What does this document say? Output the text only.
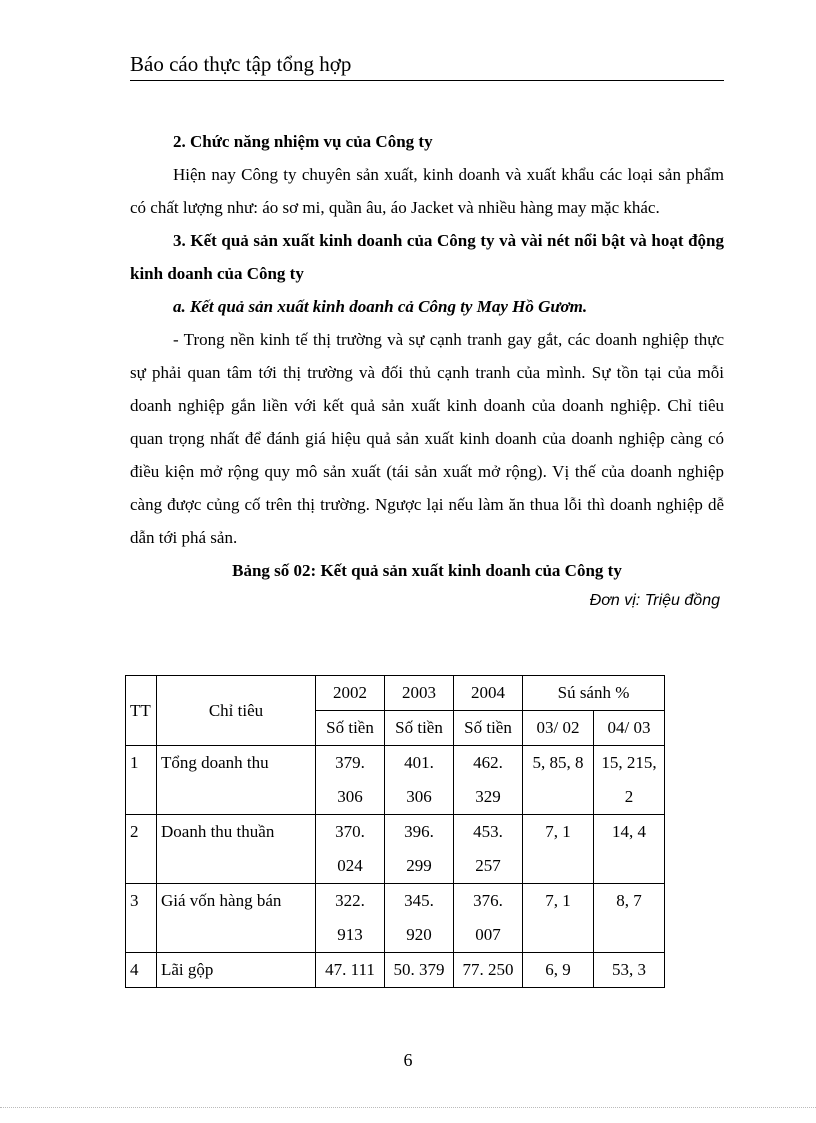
Báo cáo thực tập tổng hợp

2. Chức năng nhiệm vụ của Công ty

Hiện nay Công ty chuyên sản xuất, kinh doanh và xuất khẩu các loại sản phẩm có chất lượng như: áo sơ mi, quần âu, áo Jacket và nhiều hàng may mặc khác.

3. Kết quả sản xuất kinh doanh của Công ty và vài nét nổi bật và hoạt động kinh doanh của Công ty

a. Kết quả sản xuất kinh doanh cả Công ty May Hồ Gươm.

- Trong nền kinh tế thị trường và sự cạnh tranh gay gắt, các doanh nghiệp thực sự phải quan tâm tới thị trường và đối thủ cạnh tranh của mình. Sự tồn tại của mỗi doanh nghiệp gắn liền với kết quả sản xuất kinh doanh của doanh nghiệp. Chỉ tiêu quan trọng nhất để đánh giá hiệu quả sản xuất kinh doanh của doanh nghiệp càng có điều kiện mở rộng quy mô sản xuất (tái sản xuất mở rộng). Vị thế của doanh nghiệp càng được củng cố trên thị trường. Ngược lại nếu làm ăn thua lỗi thì doanh nghiệp dễ dẫn tới phá sản.

Bảng số 02: Kết quả sản xuất kinh doanh của Công ty

Đơn vị: Triệu đồng

TT	Chỉ tiêu	2002	2003	2004	Sú sánh %	
		Số tiền	Số tiền	Số tiền	03/ 02	04/ 03
1	Tổng doanh thu	379.	401.	462.	5, 85, 8	15, 215,
		306	306	329		2
2	Doanh thu thuần	370.	396.	453.	7, 1	14, 4
		024	299	257		
3	Giá vốn hàng bán	322.	345.	376.	7, 1	8, 7
		913	920	007		
4	Lãi gộp	47. 111	50. 379	77. 250	6, 9	53, 3
6
